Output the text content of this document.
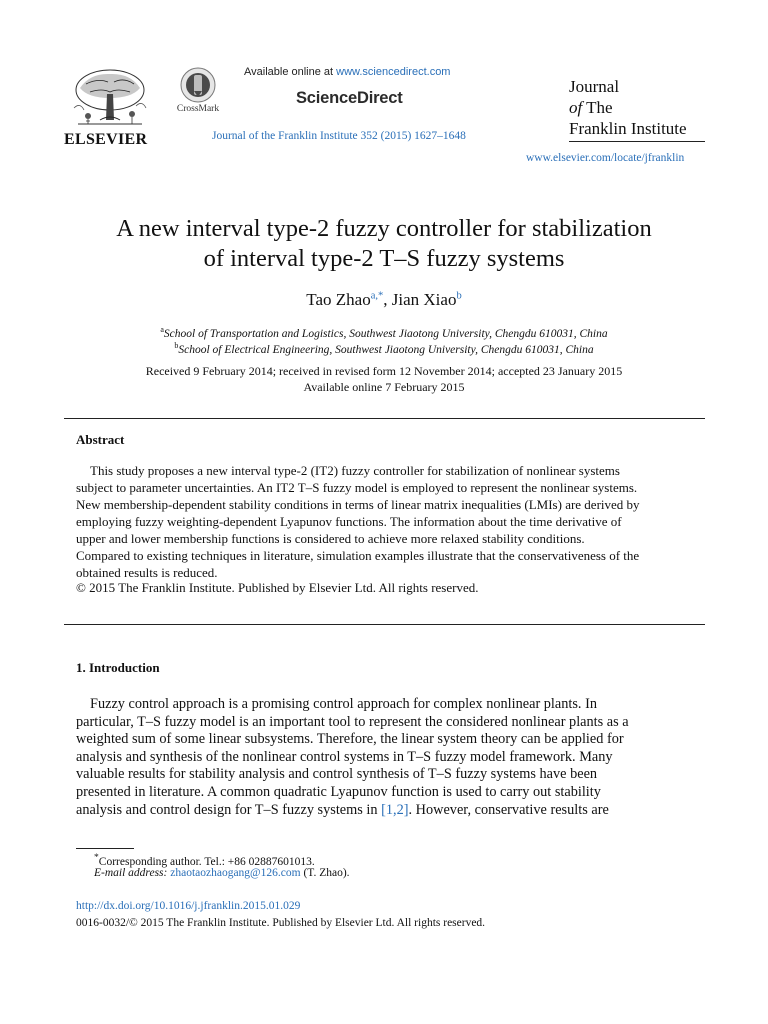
ELSEVIER
CrossMark
Available online at www.sciencedirect.com
ScienceDirect
Journal of the Franklin Institute 352 (2015) 1627–1648
Journal
of The
Franklin Institute
www.elsevier.com/locate/jfranklin
A new interval type-2 fuzzy controller for stabilization
of interval type-2 T–S fuzzy systems
Tao Zhao$^{a,*}$, Jian Xiao$^b$
$^a$School of Transportation and Logistics, Southwest Jiaotong University, Chengdu 610031, China
$^b$School of Electrical Engineering, Southwest Jiaotong University, Chengdu 610031, China
Received 9 February 2014; received in revised form 12 November 2014; accepted 23 January 2015
Available online 7 February 2015
Abstract
This study proposes a new interval type-2 (IT2) fuzzy controller for stabilization of nonlinear systems
subject to parameter uncertainties. An IT2 T–S fuzzy model is employed to represent the nonlinear systems.
New membership-dependent stability conditions in terms of linear matrix inequalities (LMIs) are derived by
employing fuzzy weighting-dependent Lyapunov functions. The information about the time derivative of
upper and lower membership functions is considered to achieve more relaxed stability conditions.
Compared to existing techniques in literature, simulation examples illustrate that the conservativeness of the
obtained results is reduced.
© 2015 The Franklin Institute. Published by Elsevier Ltd. All rights reserved.
1. Introduction
Fuzzy control approach is a promising control approach for complex nonlinear plants. In
particular, T–S fuzzy model is an important tool to represent the considered nonlinear plants as a
weighted sum of some linear subsystems. Therefore, the linear system theory can be applied for
analysis and synthesis of the nonlinear control systems in T–S fuzzy model framework. Many
valuable results for stability analysis and control synthesis of T–S fuzzy systems have been
presented in literature. A common quadratic Lyapunov function is used to carry out stability
analysis and control design for T–S fuzzy systems in [1,2]. However, conservative results are
*Corresponding author. Tel.: +86 02887601013.
E-mail address: zhaotaozhaogang@126.com (T. Zhao).
http://dx.doi.org/10.1016/j.jfranklin.2015.01.029
0016-0032/© 2015 The Franklin Institute. Published by Elsevier Ltd. All rights reserved.
